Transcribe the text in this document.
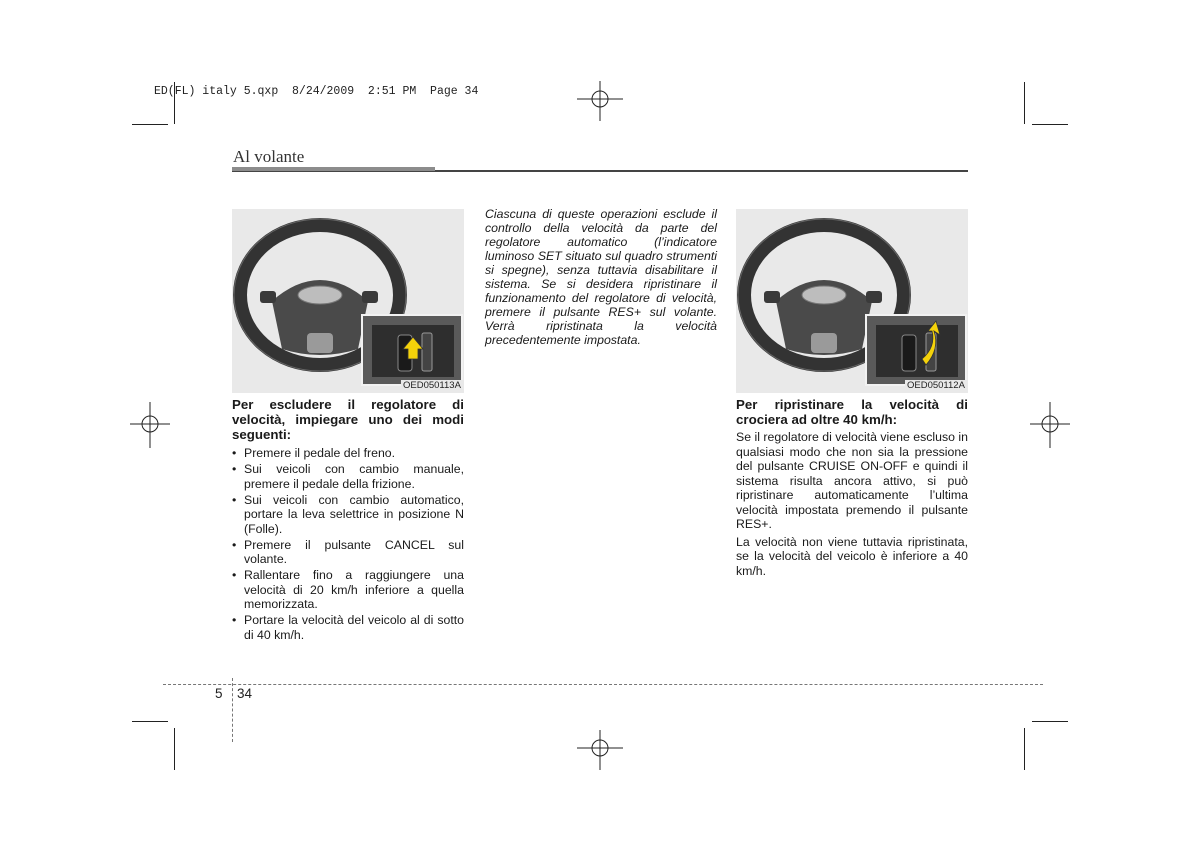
ED(FL) italy 5.qxp  8/24/2009  2:51 PM  Page 34
Al volante
OED050113A	OED050112A
Per escludere il regolatore di velocità, impiegare uno dei modi seguenti:
• Premere il pedale del freno.
• Sui veicoli con cambio manuale, premere il pedale della frizione.
• Sui veicoli con cambio automatico, portare la leva selettrice in posizione N (Folle).
• Premere il pulsante CANCEL sul volante.
• Rallentare fino a raggiungere una velocità di 20 km/h inferiore a quella memorizzata.
• Portare la velocità del veicolo al di sotto di 40 km/h.
Ciascuna di queste operazioni esclude il controllo della velocità da parte del regolatore automatico (l’indicatore luminoso SET situato sul quadro strumenti si spegne), senza tuttavia disabilitare il sistema. Se si desidera ripristinare il funzionamento del regolatore di velocità, premere il pulsante RES+ sul volante. Verrà ripristinata la velocità precedentemente impostata.
Per ripristinare la velocità di crociera ad oltre 40 km/h:

Se il regolatore di velocità viene escluso in qualsiasi modo che non sia la pressione del pulsante CRUISE ON-OFF e quindi il sistema risulta ancora attivo, si può ripristinare automaticamente l’ultima velocità impostata premendo il pulsante RES+.

La velocità non viene tuttavia ripristinata, se la velocità del veicolo è inferiore a 40 km/h.

5 34
